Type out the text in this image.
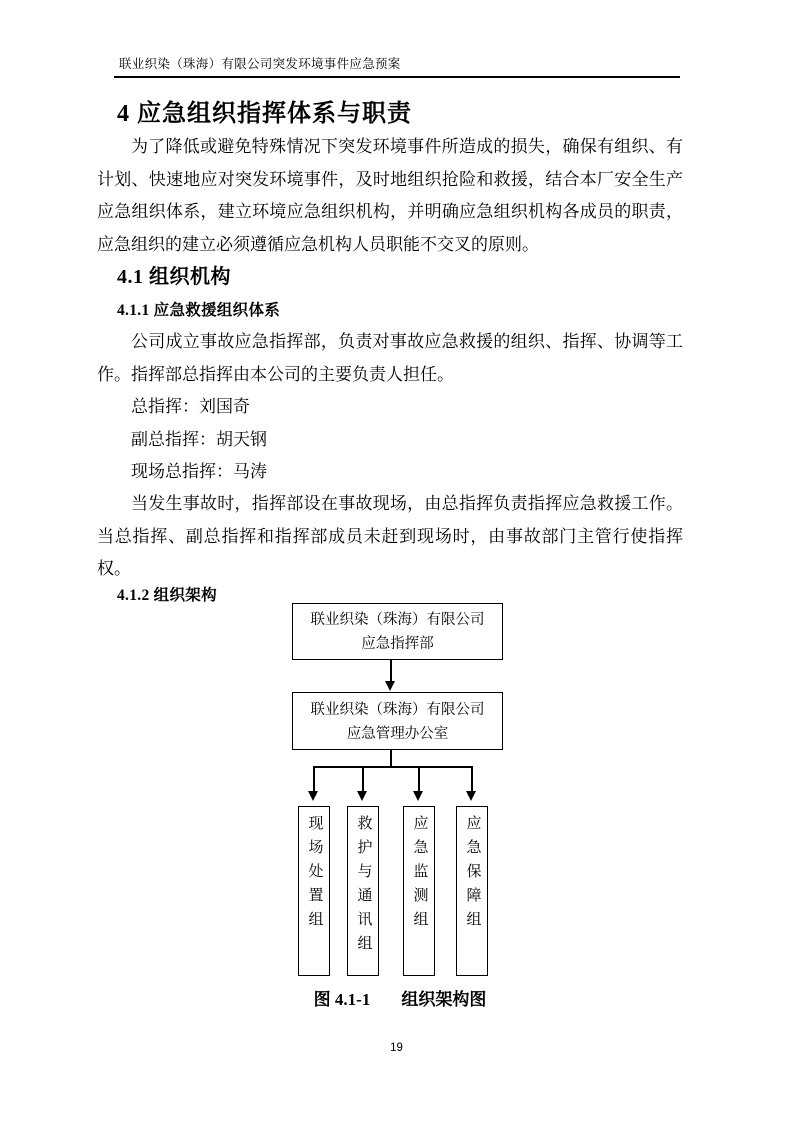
联业织染（珠海）有限公司突发环境事件应急预案
4 应急组织指挥体系与职责
为了降低或避免特殊情况下突发环境事件所造成的损失，确保有组织、有
计划、快速地应对突发环境事件，及时地组织抢险和救援，结合本厂安全生产
应急组织体系，建立环境应急组织机构，并明确应急组织机构各成员的职责，
应急组织的建立必须遵循应急机构人员职能不交叉的原则。
4.1 组织机构
4.1.1 应急救援组织体系
公司成立事故应急指挥部，负责对事故应急救援的组织、指挥、协调等工
作。指挥部总指挥由本公司的主要负责人担任。
总指挥：刘国奇
副总指挥：胡天钢
现场总指挥：马涛
当发生事故时，指挥部设在事故现场，由总指挥负责指挥应急救援工作。
当总指挥、副总指挥和指挥部成员未赶到现场时，由事故部门主管行使指挥
权。
4.1.2 组织架构
联业织染（珠海）有限公司
应急指挥部
联业织染（珠海）有限公司
应急管理办公室
现场处置组 救护与通讯组	应急监测组 应急保障组
图 4.1-1 组织架构图
19
